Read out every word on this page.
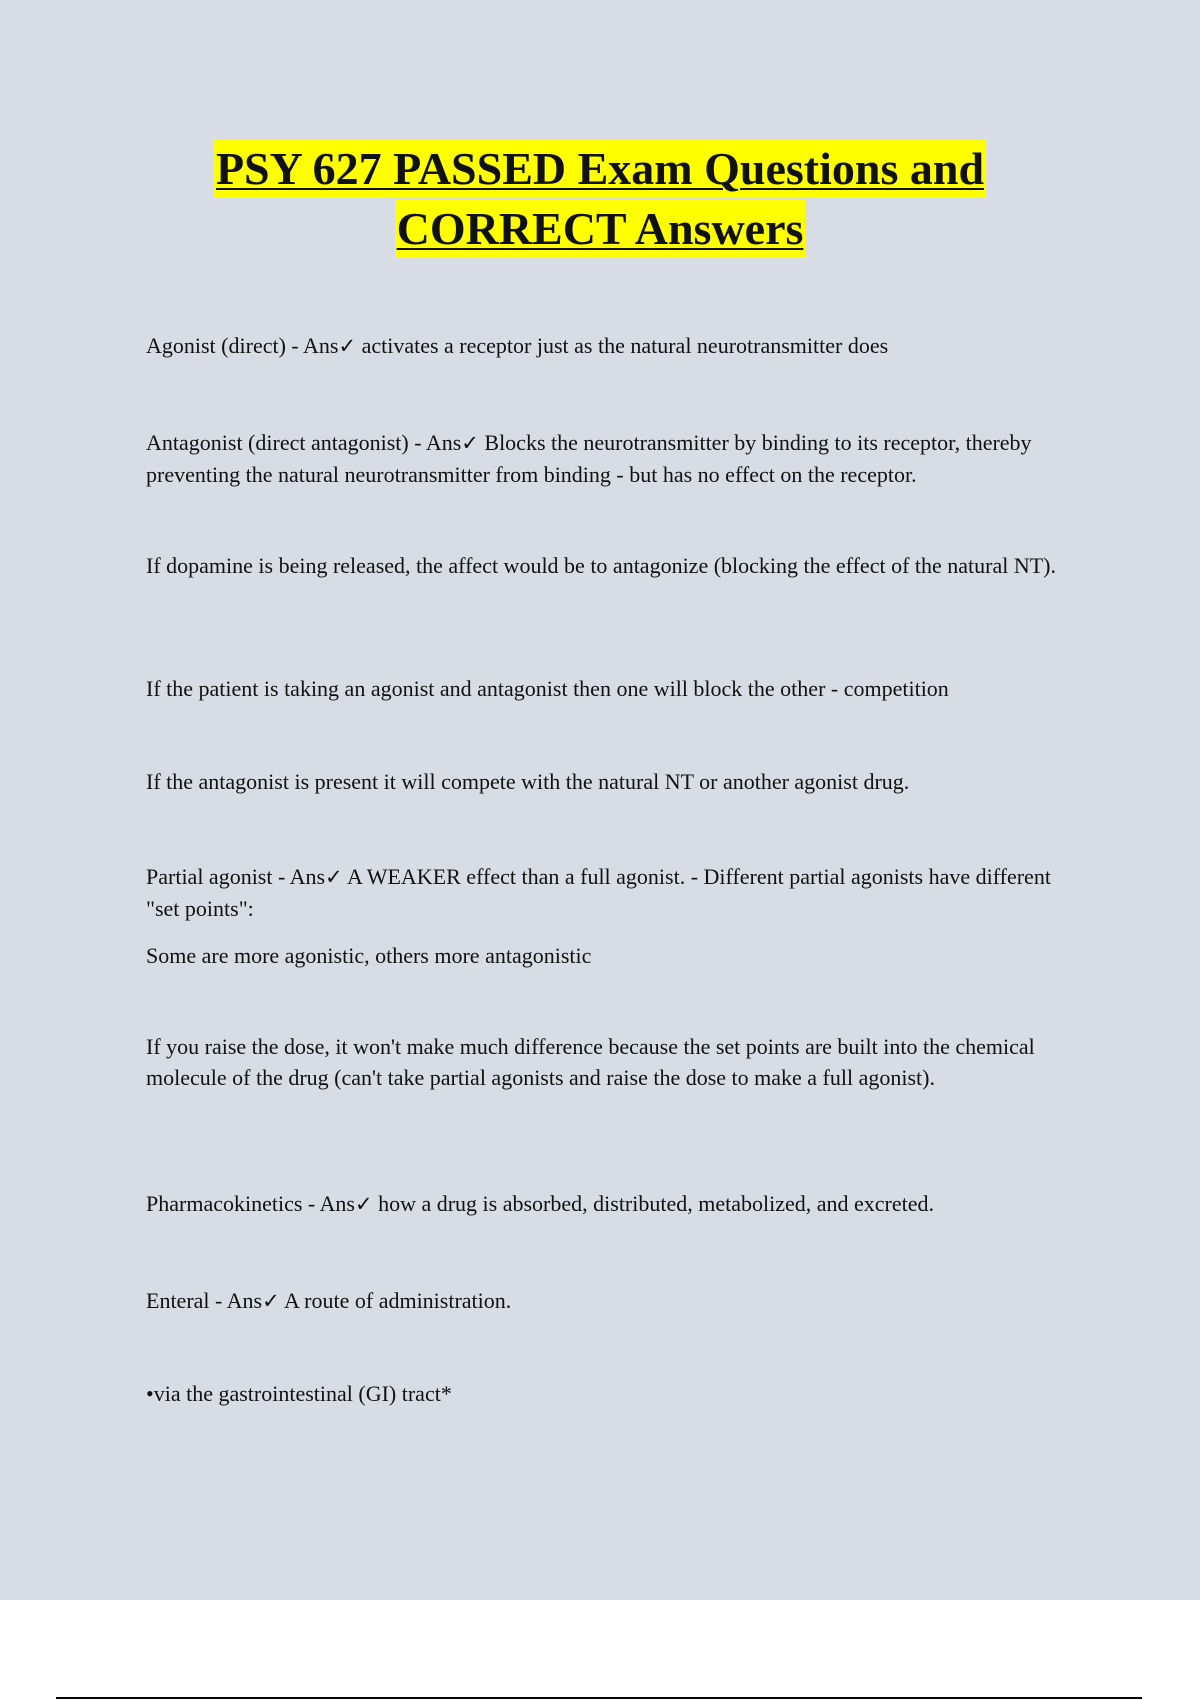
PSY 627 PASSED Exam Questions and
CORRECT Answers
Agonist (direct) - Ans✓ activates a receptor just as the natural neurotransmitter does
Antagonist (direct antagonist) - Ans✓ Blocks the neurotransmitter by binding to its receptor, thereby preventing the natural neurotransmitter from binding - but has no effect on the receptor.
If dopamine is being released, the affect would be to antagonize (blocking the effect of the natural NT).
If the patient is taking an agonist and antagonist then one will block the other - competition
If the antagonist is present it will compete with the natural NT or another agonist drug.
Partial agonist - Ans✓ A WEAKER effect than a full agonist. - Different partial agonists have different "set points":
Some are more agonistic, others more antagonistic
If you raise the dose, it won't make much difference because the set points are built into the chemical molecule of the drug (can't take partial agonists and raise the dose to make a full agonist).
Pharmacokinetics - Ans✓ how a drug is absorbed, distributed, metabolized, and excreted.
Enteral - Ans✓ A route of administration.
•via the gastrointestinal (GI) tract*
